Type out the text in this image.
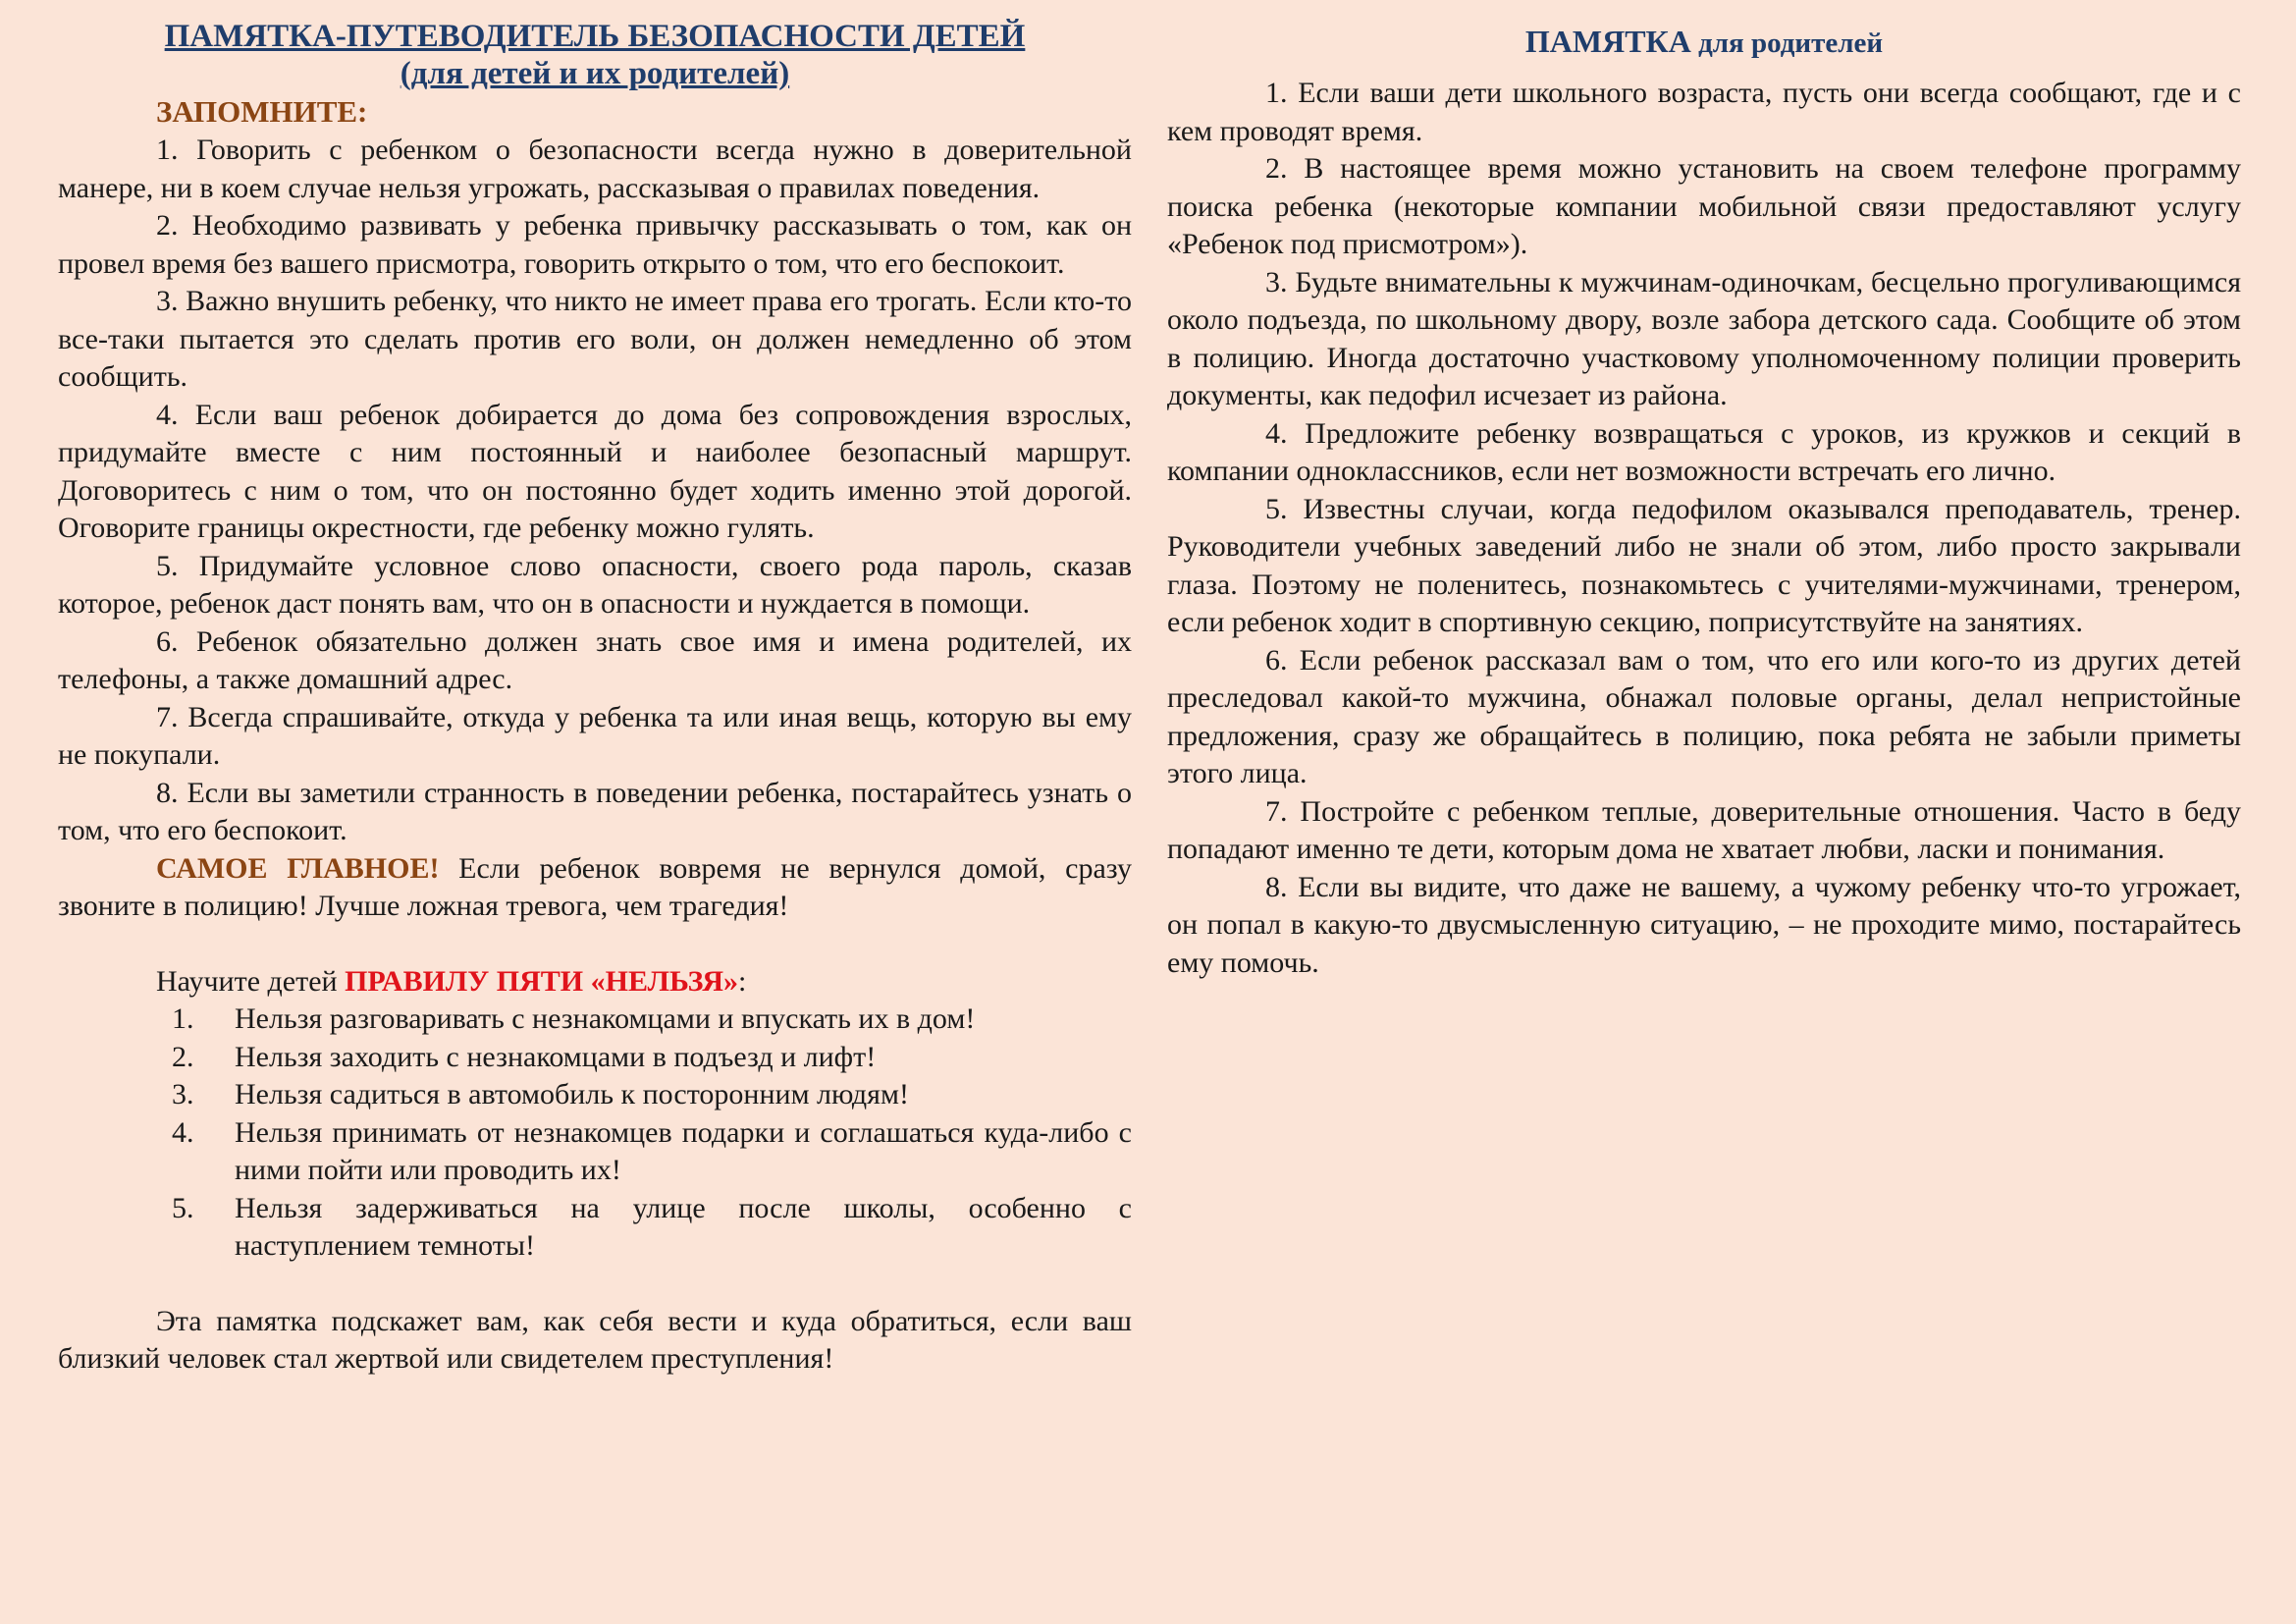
ПАМЯТКА-ПУТЕВОДИТЕЛЬ БЕЗОПАСНОСТИ ДЕТЕЙ
(для детей и их родителей)

ЗАПОМНИТЕ:

1. Говорить с ребенком о безопасности всегда нужно в доверительной манере, ни в коем случае нельзя угрожать, рассказывая о правилах поведения.

2. Необходимо развивать у ребенка привычку рассказывать о том, как он провел время без вашего присмотра, говорить открыто о том, что его беспокоит.

3. Важно внушить ребенку, что никто не имеет права его трогать. Если кто-то все-таки пытается это сделать против его воли, он должен немедленно об этом сообщить.

4. Если ваш ребенок добирается до дома без сопровождения взрослых, придумайте вместе с ним постоянный и наиболее безопасный маршрут. Договоритесь с ним о том, что он постоянно будет ходить именно этой дорогой. Оговорите границы окрестности, где ребенку можно гулять.

5. Придумайте условное слово опасности, своего рода пароль, сказав которое, ребенок даст понять вам, что он в опасности и нуждается в помощи.

6. Ребенок обязательно должен знать свое имя и имена родителей, их телефоны, а также домашний адрес.

7. Всегда спрашивайте, откуда у ребенка та или иная вещь, которую вы ему не покупали.

8. Если вы заметили странность в поведении ребенка, постарайтесь узнать о том, что его беспокоит.

САМОЕ ГЛАВНОЕ! Если ребенок вовремя не вернулся домой, сразу звоните в полицию! Лучше ложная тревога, чем трагедия!

Научите детей ПРАВИЛУ ПЯТИ «НЕЛЬЗЯ»:

1.	Нельзя разговаривать с незнакомцами и впускать их в дом!
2.	Нельзя заходить с незнакомцами в подъезд и лифт!
3.	Нельзя садиться в автомобиль к посторонним людям!
4.	Нельзя принимать от незнакомцев подарки и соглашаться куда-либо с ними пойти или проводить их!
5.	Нельзя задерживаться на улице после школы, особенно с наступлением темноты!

Эта памятка подскажет вам, как себя вести и куда обратиться, если ваш близкий человек стал жертвой или свидетелем преступления!

ПАМЯТКА для родителей

1. Если ваши дети школьного возраста, пусть они всегда сообщают, где и с кем проводят время.

2. В настоящее время можно установить на своем телефоне программу поиска ребенка (некоторые компании мобильной связи предоставляют услугу «Ребенок под присмотром»).

3. Будьте внимательны к мужчинам-одиночкам, бесцельно прогуливающимся около подъезда, по школьному двору, возле забора детского сада. Сообщите об этом в полицию. Иногда достаточно участковому уполномоченному полиции проверить документы, как педофил исчезает из района.

4. Предложите ребенку возвращаться с уроков, из кружков и секций в компании одноклассников, если нет возможности встречать его лично.

5. Известны случаи, когда педофилом оказывался преподаватель, тренер. Руководители учебных заведений либо не знали об этом, либо просто закрывали глаза. Поэтому не поленитесь, познакомьтесь с учителями-мужчинами, тренером, если ребенок ходит в спортивную секцию, поприсутствуйте на занятиях.

6. Если ребенок рассказал вам о том, что его или кого-то из других детей преследовал какой-то мужчина, обнажал половые органы, делал непристойные предложения, сразу же обращайтесь в полицию, пока ребята не забыли приметы этого лица.

7. Постройте с ребенком теплые, доверительные отношения. Часто в беду попадают именно те дети, которым дома не хватает любви, ласки и понимания.

8. Если вы видите, что даже не вашему, а чужому ребенку что-то угрожает, он попал в какую-то двусмысленную ситуацию, – не проходите мимо, постарайтесь ему помочь.
